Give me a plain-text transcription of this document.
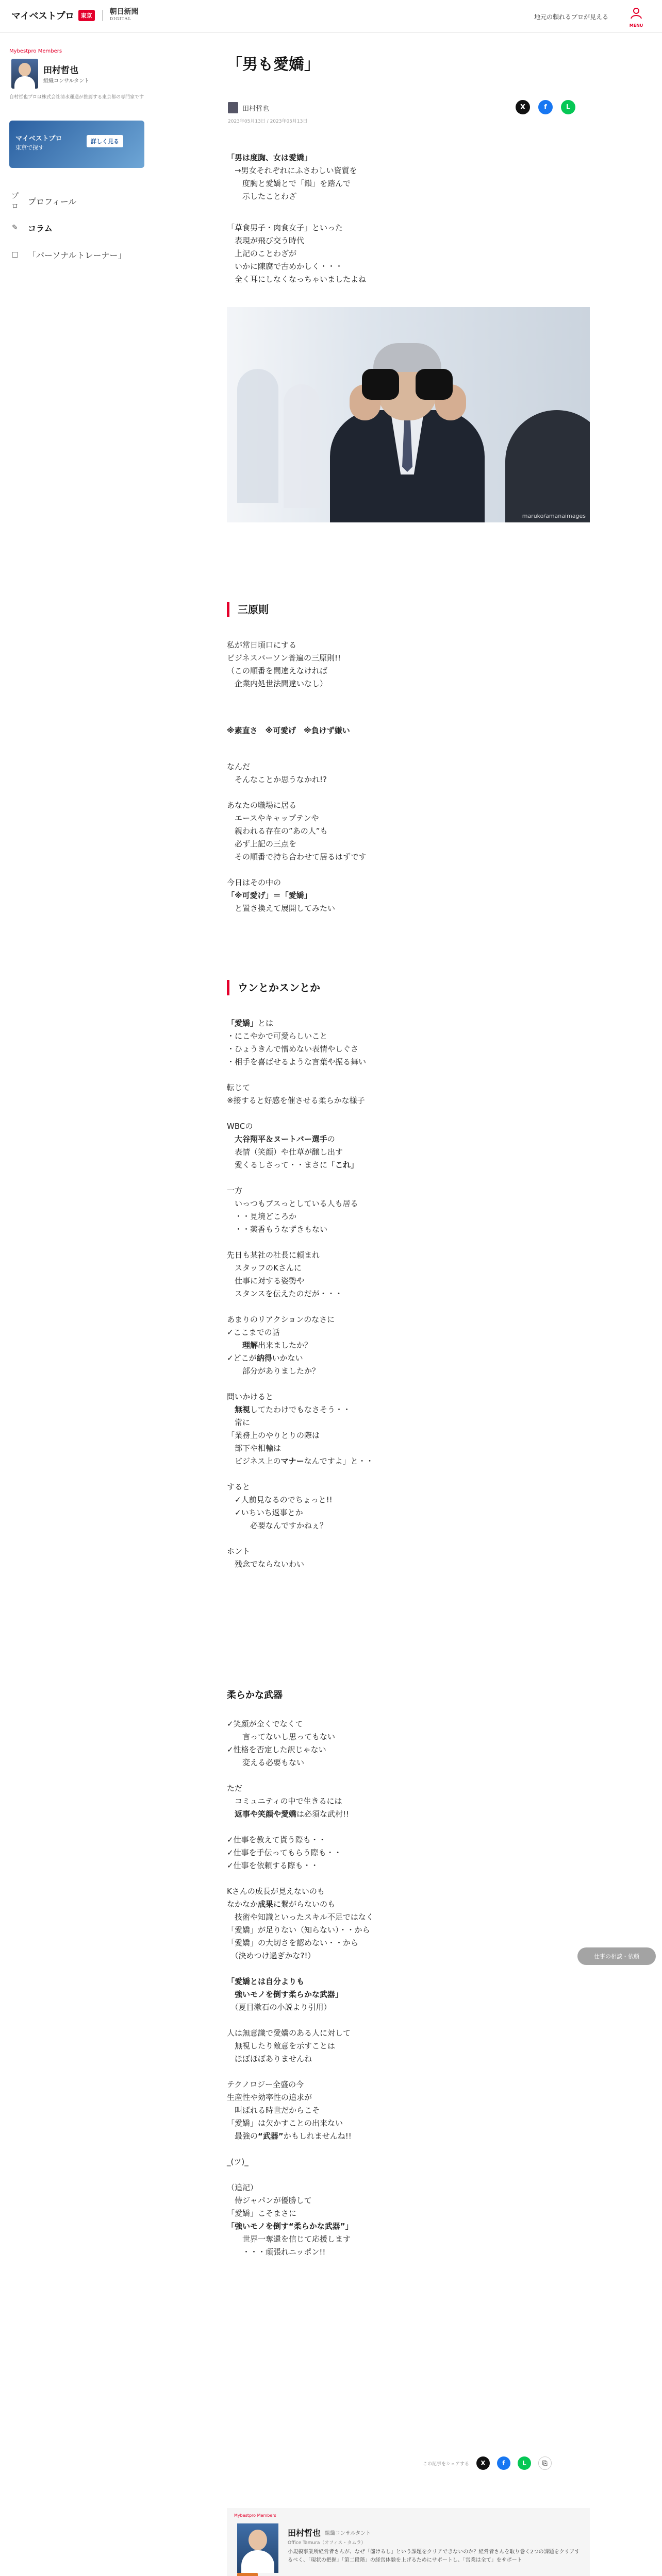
マイベストプロ	東京	朝日新聞
DIGITAL	地元の頼れるプロが見える
MENU
Mybestpro Members
田村哲也
組織コンサルタント
自村哲也プロは株式会社清水運送が推薦する東京都の専門家です
マイベストプロ
東京で探す
詳しく見る
プロ
プロフィール
✎	コラム
□ 「パーソナルトレーナー」
「男も愛嬌」
田村哲也
2023年05月13日 / 2023年05月13日
X	f	L
「男は度胸、女は愛嬌」
　→男女それぞれにふさわしい資質を
　　度胸と愛嬌とで「韻」を踏んで
　　示したことわざ
「草食男子・肉食女子」といった
　表現が飛び交う時代
　上記のことわざが
　いかに陳腐で古めかしく・・・
　全く耳にしなくなっちゃいましたよね
maruko/amanaimages
三原則
私が常日頃口にする
ビジネスパーソン普遍の三原則!!
（この順番を間違えなければ
　企業内処世法間違いなし）
※素直さ　※可愛げ　※負けず嫌い
なんだ
　そんなことか思うなかれ!?

あなたの職場に居る
　エースやキャップテンや
　親われる存在の”あの人”も
　必ず上記の三点を
　その順番で持ち合わせて居るはずです

今日はその中の
「※可愛げ」＝「愛嬌」
　と置き換えて展開してみたい
ウンとかスンとか
「愛嬌」とは
・にこやかで可愛らしいこと
・ひょうきんで憎めない表情やしぐさ
・相手を喜ばせるような言葉や振る舞い

転じて
※接すると好感を催させる柔らかな様子

WBCの
　大谷翔平＆ヌートバー選手の
　表情（笑顔）や仕草が醸し出す
　愛くるしさって・・まさに「これ」

一方
　いっつもブスっとしている人も居る
　・・見境どころか
　・・薬香もうなずきもない

先日も某社の社長に頼まれ
　スタッフのKさんに
　仕事に対する姿勢や
　スタンスを伝えたのだが・・・

あまりのリアクションのなさに
✓ここまでの話
　　理解出来ましたか？
✓どこが納得いかない
　　部分がありましたか？

問いかけると
　無視してたわけでもなさそう・・
　常に
「業務上のやりとりの際は
　部下や相輸は
　ビジネス上のマナーなんですよ」と・・

すると
　✓人前見なるのでちょっと!!
　✓いちいち返事とか
　　　必要なんですかねぇ？

ホント
　残念でならないわい
柔らかな武器
✓笑顔が全くでなくて
　　言ってないし思ってもない
✓性格を否定した訳じゃない
　　変える必要もない

ただ
　コミュニティの中で生きるには
　返事や笑顔や愛嬌は必須な武村!!

✓仕事を教えて貰う際も・・
✓仕事を手伝ってもらう際も・・
✓仕事を依頼する際も・・

Kさんの成長が見えないのも
なかなか成果に繋がらないのも
　技術や知識といったスキル不足ではなく
「愛嬌」が足りない（知らない）・・から
「愛嬌」の大切さを認めない・・から
　（決めつけ過ぎかな?!）

「愛嬌とは自分よりも
　強いモノを倒す柔らかな武器」
　（夏目漱石の小説より引用）

人は無意識で愛嬌のある人に対して
　無視したり敵意を示すことは
　ほぼほぼありませんね

テクノロジー全盛の今
生産性や効率性の追求が
　叫ばれる時世だからこそ
「愛嬌」は欠かすことの出来ない
　最強の“武器”かもしれませんね!!

_(ツ)_

（追記）
　侍ジャパンが優勝して
「愛嬌」こそまさに
「強いモノを倒す“柔らかな武器”」
　　世界一奪還を信じて応援します
　　・・・頑張れニッポン!!
この記事をシェアする	X	f	L	⎘
Mybestpro Members
田村哲也 組織コンサルタント
Office Tamura（オフィス・タムラ）

小規模事業所経営者さんが、なぜ「儲けるし」という課題をクリアできないのか？経営者さんを取り巻く2つの課題をクリアするべく、「現状の把握」「第二段階」の経営体験を上げるためにサポートし、「営業は全て」をサポート

仕事の相談・依頼
